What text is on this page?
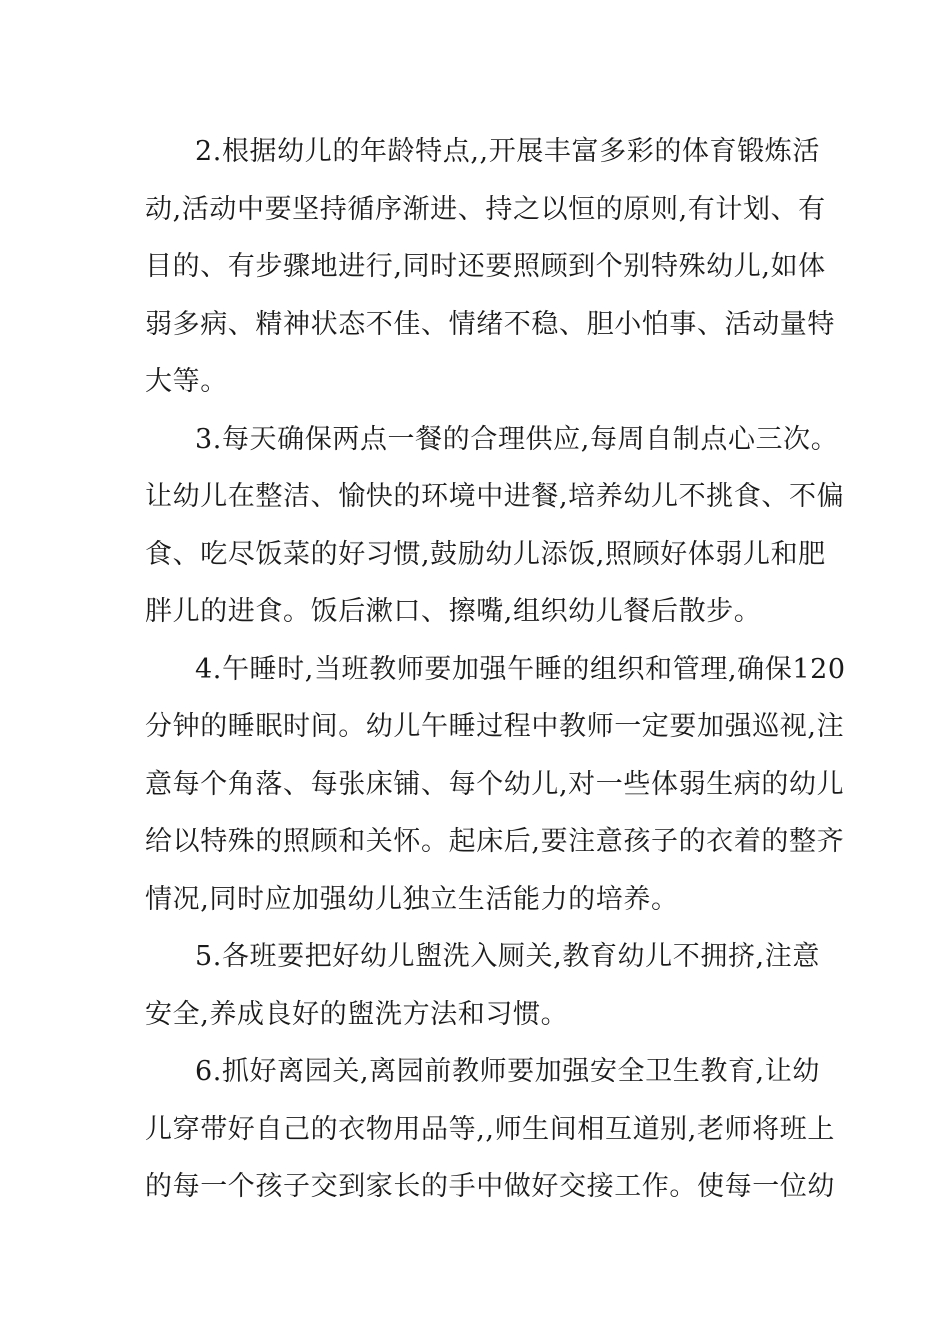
2.根据幼儿的年龄特点,,开展丰富多彩的体育锻炼活
动,活动中要坚持循序渐进、持之以恒的原则,有计划、有
目的、有步骤地进行,同时还要照顾到个别特殊幼儿,如体
弱多病、精神状态不佳、情绪不稳、胆小怕事、活动量特
大等。
3.每天确保两点一餐的合理供应,每周自制点心三次。
让幼儿在整洁、愉快的环境中进餐,培养幼儿不挑食、不偏
食、吃尽饭菜的好习惯,鼓励幼儿添饭,照顾好体弱儿和肥
胖儿的进食。饭后漱口、擦嘴,组织幼儿餐后散步。
4.午睡时,当班教师要加强午睡的组织和管理,确保120
分钟的睡眠时间。幼儿午睡过程中教师一定要加强巡视,注
意每个角落、每张床铺、每个幼儿,对一些体弱生病的幼儿
给以特殊的照顾和关怀。起床后,要注意孩子的衣着的整齐
情况,同时应加强幼儿独立生活能力的培养。
5.各班要把好幼儿盥洗入厕关,教育幼儿不拥挤,注意
安全,养成良好的盥洗方法和习惯。
6.抓好离园关,离园前教师要加强安全卫生教育,让幼
儿穿带好自己的衣物用品等,,师生间相互道别,老师将班上
的每一个孩子交到家长的手中做好交接工作。使每一位幼
